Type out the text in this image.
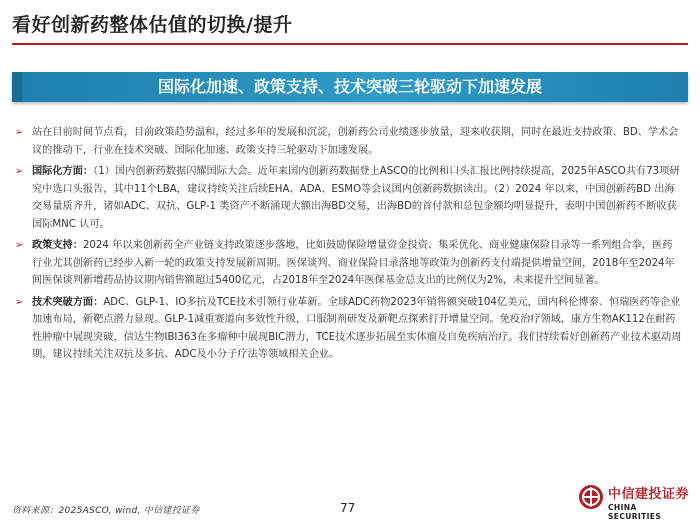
看好创新药整体估值的切换/提升
国际化加速、政策支持、技术突破三轮驱动下加速发展
➢ 站在目前时间节点看，目前政策趋势温和，经过多年的发展和沉淀，创新药公司业绩逐步放量，迎来收获期，同时在最近支持政策、BD、学术会议的推动下，行业在技术突破、国际化加速、政策支持三轮驱动下加速发展。
➢ 国际化方面：（1）国内创新药数据闪耀国际大会。近年来国内创新药数据登上ASCO的比例和口头汇报比例持续提高，2025年ASCO共有73项研究中选口头报告，其中11个LBA，建议持续关注后续EHA、ADA、ESMO等会议国内创新药数据读出。（2）2024 年以来，中国创新药BD 出海交易量质齐升，诸如ADC、双抗、GLP-1 类资产不断涌现大额出海BD交易，出海BD的首付款和总包金额均明显提升，表明中国创新药不断收获国际MNC 认可。
➢ 政策支持：2024 年以来创新药全产业链支持政策逐步落地，比如鼓励保险增量资金投资、集采优化、商业健康保险目录等一系列组合拳，医药行业尤其创新药已经步入新一轮的政策支持发展新周期。医保谈判、商业保险目录落地等政策为创新药支付端提供增量空间，2018年至2024年间医保谈判新增药品协议期内销售额超过5400亿元，占2018年至2024年医保基金总支出的比例仅为2%，未来提升空间显著。
➢ 技术突破方面：ADC、GLP-1、IO多抗及TCE技术引领行业革新。全球ADC药物2023年销售额突破104亿美元，国内科伦博泰、恒瑞医药等企业加速布局，新靶点潜力显现。GLP-1减重赛道向多效性升级，口服制剂研发及新靶点探索打开增量空间。免疫治疗领域，康方生物AK112在耐药性肿瘤中展现突破，信达生物IBI363在多瘤种中展现BIC潜力，TCE技术逐步拓展至实体瘤及自免疾病治疗。我们持续看好创新药产业技术驱动周期，建议持续关注双抗及多抗、ADC及小分子疗法等领域相关企业。
资料来源：2025ASCO, wind, 中信建投证券	77
中信建投证券
CHINA SECURITIES
